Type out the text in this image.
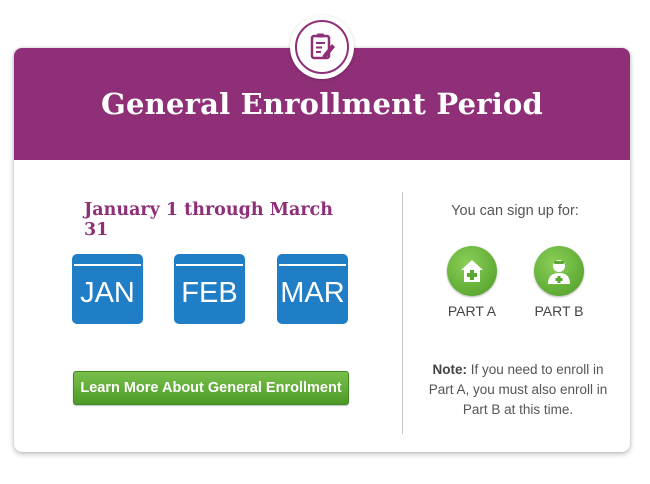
General Enrollment Period
January 1 through March 31
JAN FEB MAR
Learn More About General Enrollment
You can sign up for:
PART A	PART B
Note: If you need to enroll in Part A, you must also enroll in Part B at this time.
